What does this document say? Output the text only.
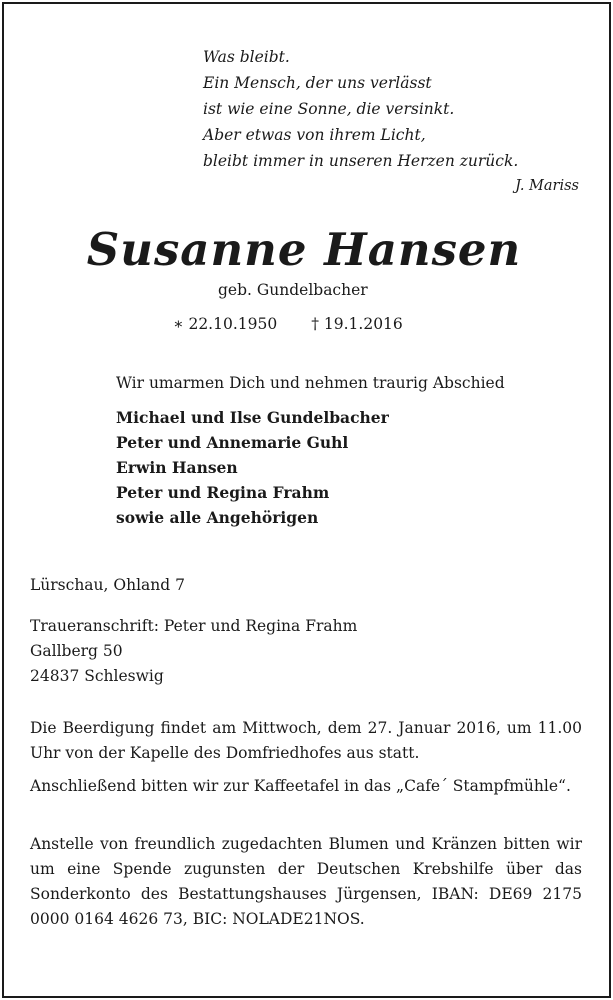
Was bleibt.
Ein Mensch, der uns verlässt
ist wie eine Sonne, die versinkt.
Aber etwas von ihrem Licht,
bleibt immer in unseren Herzen zurück.
J. Mariss
Susanne Hansen
geb. Gundelbacher
∗ 22.10.1950 † 19.1.2016
Wir umarmen Dich und nehmen traurig Abschied
Michael und Ilse Gundelbacher
Peter und Annemarie Guhl
Erwin Hansen
Peter und Regina Frahm
sowie alle Angehörigen
Lürschau, Ohland 7
Traueranschrift: Peter und Regina Frahm
Gallberg 50
24837 Schleswig
Die Beerdigung findet am Mittwoch, dem 27. Januar 2016, um 11.00 Uhr von der Kapelle des Domfriedhofes aus statt.
Anschließend bitten wir zur Kaffeetafel in das „Cafe´ Stampfmühle“.
Anstelle von freundlich zugedachten Blumen und Kränzen bitten wir um eine Spende zugunsten der Deutschen Krebshilfe über das Sonderkonto des Bestattungshauses Jürgensen, IBAN: DE69 2175 0000 0164 4626 73, BIC: NOLADE21NOS.
